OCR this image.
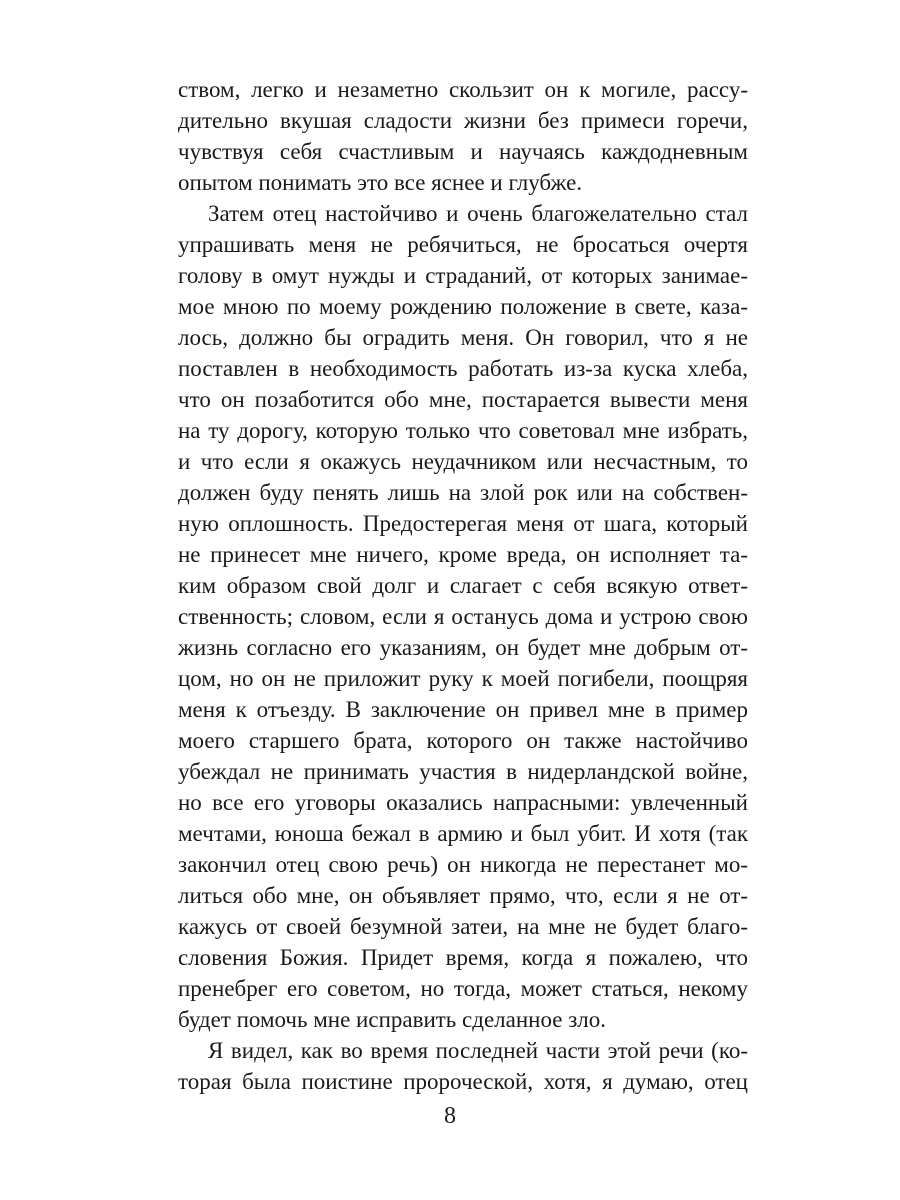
ством, легко и незаметно скользит он к могиле, рассу-
дительно вкушая сладости жизни без примеси горечи,
чувствуя себя счастливым и научаясь каждодневным
опытом понимать это все яснее и глубже.
Затем отец настойчиво и очень благожелательно стал
упрашивать меня не ребячиться, не бросаться очертя
голову в омут нужды и страданий, от которых занимае-
мое мною по моему рождению положение в свете, каза-
лось, должно бы оградить меня. Он говорил, что я не
поставлен в необходимость работать из-за куска хлеба,
что он позаботится обо мне, постарается вывести меня
на ту дорогу, которую только что советовал мне избрать,
и что если я окажусь неудачником или несчастным, то
должен буду пенять лишь на злой рок или на собствен-
ную оплошность. Предостерегая меня от шага, который
не принесет мне ничего, кроме вреда, он исполняет та-
ким образом свой долг и слагает с себя всякую ответ-
ственность; словом, если я останусь дома и устрою свою
жизнь согласно его указаниям, он будет мне добрым от-
цом, но он не приложит руку к моей погибели, поощряя
меня к отъезду. В заключение он привел мне в пример
моего старшего брата, которого он также настойчиво
убеждал не принимать участия в нидерландской войне,
но все его уговоры оказались напрасными: увлеченный
мечтами, юноша бежал в армию и был убит. И хотя (так
закончил отец свою речь) он никогда не перестанет мо-
литься обо мне, он объявляет прямо, что, если я не от-
кажусь от своей безумной затеи, на мне не будет благо-
словения Божия. Придет время, когда я пожалею, что
пренебрег его советом, но тогда, может статься, некому
будет помочь мне исправить сделанное зло.
Я видел, как во время последней части этой речи (ко-
торая была поистине пророческой, хотя, я думаю, отец
8
